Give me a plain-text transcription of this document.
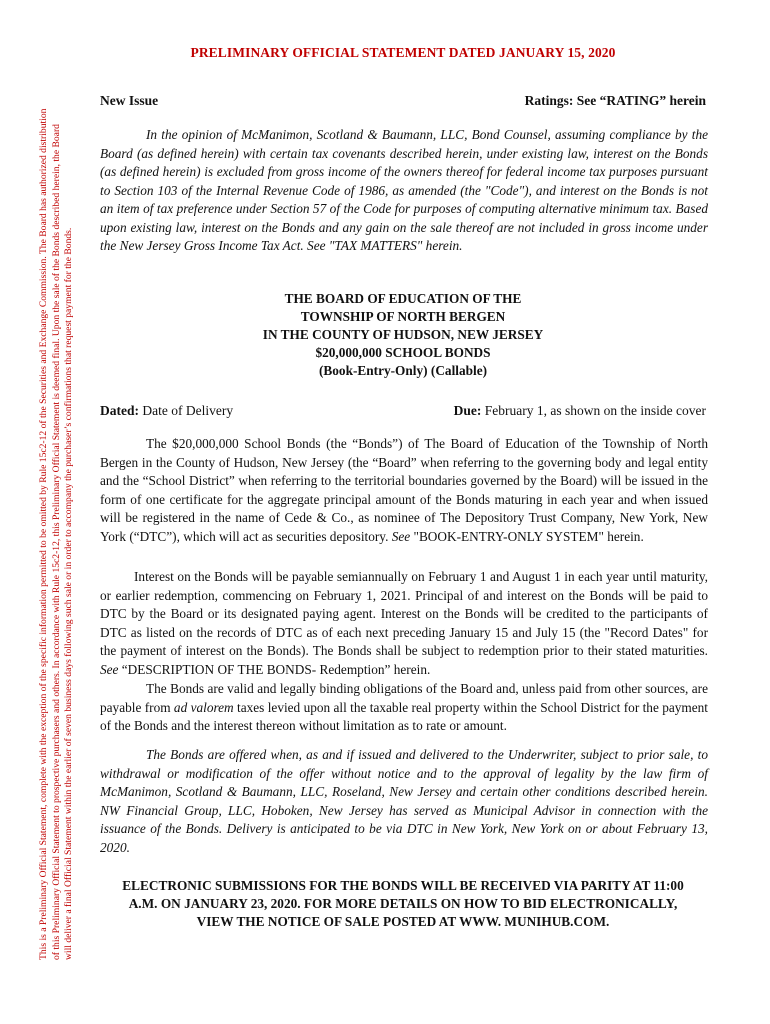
This is a Preliminary Official Statement, complete with the exception of the specific information permitted to be omitted by Rule 15c2-12 of the Securities and Exchange Commission. The Board has authorized distribution of this Preliminary Official Statement to prospective purchasers and others. In accordance with Rule 15c2-12, this Preliminary Official Statement is deemed final. Upon the sale of the Bonds described herein, the Board will deliver a final Official Statement within the earlier of seven business days following such sale or in order to accompany the purchaser’s confirmations that request payment for the Bonds.
PRELIMINARY OFFICIAL STATEMENT DATED JANUARY 15, 2020
New Issue	Ratings: See “RATING” herein
In the opinion of McManimon, Scotland & Baumann, LLC, Bond Counsel, assuming compliance by the Board (as defined herein) with certain tax covenants described herein, under existing law, interest on the Bonds (as defined herein) is excluded from gross income of the owners thereof for federal income tax purposes pursuant to Section 103 of the Internal Revenue Code of 1986, as amended (the "Code"), and interest on the Bonds is not an item of tax preference under Section 57 of the Code for purposes of computing alternative minimum tax. Based upon existing law, interest on the Bonds and any gain on the sale thereof are not included in gross income under the New Jersey Gross Income Tax Act. See "TAX MATTERS" herein.
THE BOARD OF EDUCATION OF THE
TOWNSHIP OF NORTH BERGEN
IN THE COUNTY OF HUDSON, NEW JERSEY
$20,000,000 SCHOOL BONDS
(Book-Entry-Only) (Callable)
Dated: Date of Delivery	Due: February 1, as shown on the inside cover
The $20,000,000 School Bonds (the “Bonds”) of The Board of Education of the Township of North Bergen in the County of Hudson, New Jersey (the “Board” when referring to the governing body and legal entity and the “School District” when referring to the territorial boundaries governed by the Board) will be issued in the form of one certificate for the aggregate principal amount of the Bonds maturing in each year and when issued will be registered in the name of Cede & Co., as nominee of The Depository Trust Company, New York, New York (“DTC”), which will act as securities depository. See "BOOK-ENTRY-ONLY SYSTEM" herein.
Interest on the Bonds will be payable semiannually on February 1 and August 1 in each year until maturity, or earlier redemption, commencing on February 1, 2021. Principal of and interest on the Bonds will be paid to DTC by the Board or its designated paying agent. Interest on the Bonds will be credited to the participants of DTC as listed on the records of DTC as of each next preceding January 15 and July 15 (the "Record Dates" for the payment of interest on the Bonds). The Bonds shall be subject to redemption prior to their stated maturities. See “DESCRIPTION OF THE BONDS- Redemption” herein.
The Bonds are valid and legally binding obligations of the Board and, unless paid from other sources, are payable from ad valorem taxes levied upon all the taxable real property within the School District for the payment of the Bonds and the interest thereon without limitation as to rate or amount.
The Bonds are offered when, as and if issued and delivered to the Underwriter, subject to prior sale, to withdrawal or modification of the offer without notice and to the approval of legality by the law firm of McManimon, Scotland & Baumann, LLC, Roseland, New Jersey and certain other conditions described herein. NW Financial Group, LLC, Hoboken, New Jersey has served as Municipal Advisor in connection with the issuance of the Bonds. Delivery is anticipated to be via DTC in New York, New York on or about February 13, 2020.
ELECTRONIC SUBMISSIONS FOR THE BONDS WILL BE RECEIVED VIA PARITY AT 11:00
A.M. ON JANUARY 23, 2020. FOR MORE DETAILS ON HOW TO BID ELECTRONICALLY,
VIEW THE NOTICE OF SALE POSTED AT WWW. MUNIHUB.COM.
